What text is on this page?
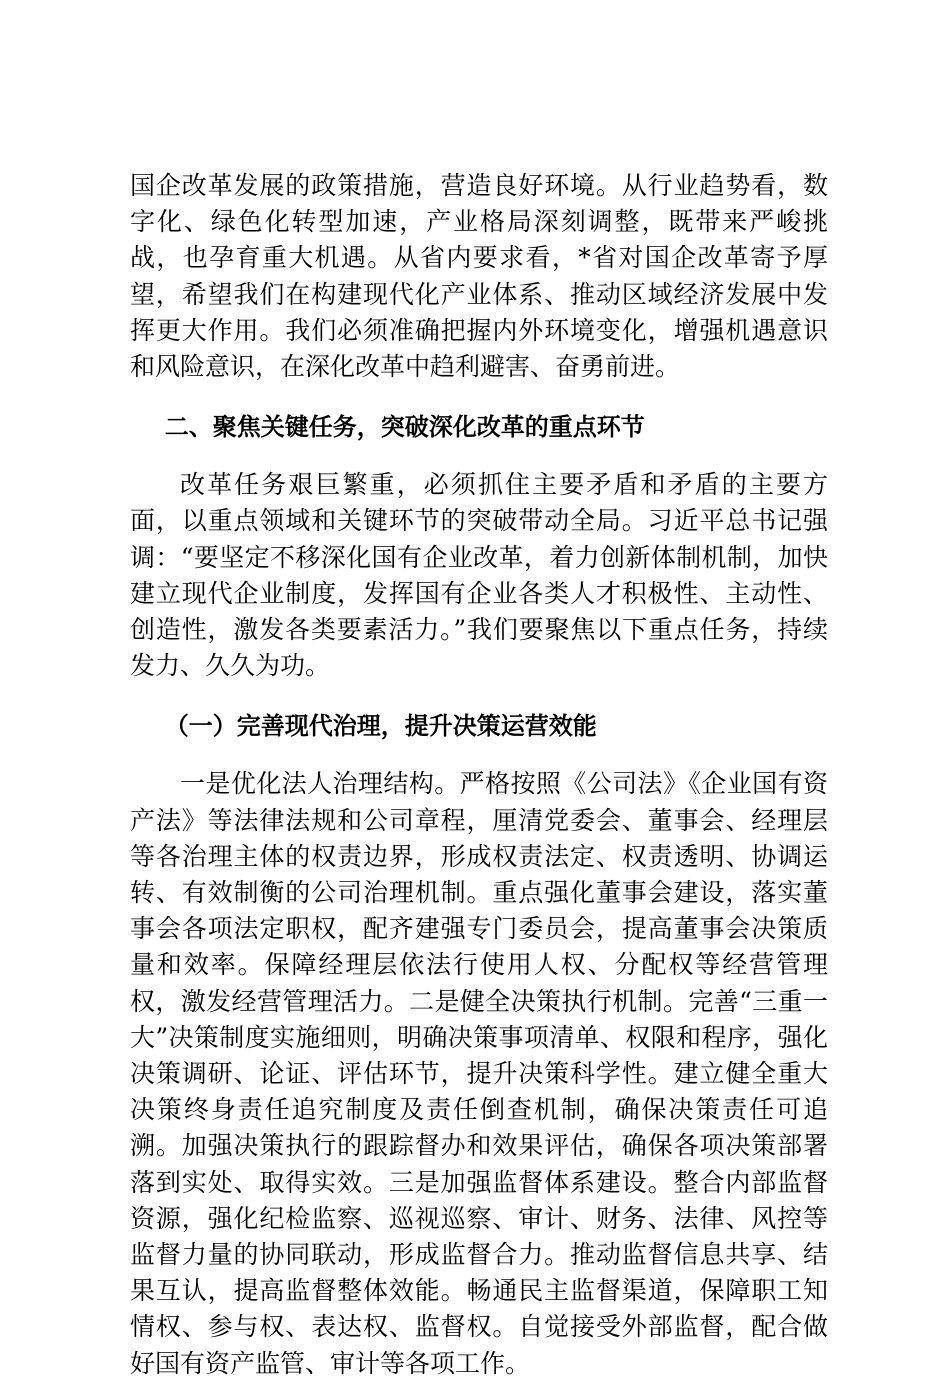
国企改革发展的政策措施，营造良好环境。从行业趋势看，数字化、绿色化转型加速，产业格局深刻调整，既带来严峻挑战，也孕育重大机遇。从省内要求看，*省对国企改革寄予厚望，希望我们在构建现代化产业体系、推动区域经济发展中发挥更大作用。我们必须准确把握内外环境变化，增强机遇意识和风险意识，在深化改革中趋利避害、奋勇前进。

二、聚焦关键任务，突破深化改革的重点环节

改革任务艰巨繁重，必须抓住主要矛盾和矛盾的主要方面，以重点领域和关键环节的突破带动全局。习近平总书记强调：“要坚定不移深化国有企业改革，着力创新体制机制，加快建立现代企业制度，发挥国有企业各类人才积极性、主动性、创造性，激发各类要素活力。”我们要聚焦以下重点任务，持续发力、久久为功。

（一）完善现代治理，提升决策运营效能

一是优化法人治理结构。严格按照《公司法》《企业国有资产法》等法律法规和公司章程，厘清党委会、董事会、经理层等各治理主体的权责边界，形成权责法定、权责透明、协调运转、有效制衡的公司治理机制。重点强化董事会建设，落实董事会各项法定职权，配齐建强专门委员会，提高董事会决策质量和效率。保障经理层依法行使用人权、分配权等经营管理权，激发经营管理活力。二是健全决策执行机制。完善“三重一大”决策制度实施细则，明确决策事项清单、权限和程序，强化决策调研、论证、评估环节，提升决策科学性。建立健全重大决策终身责任追究制度及责任倒查机制，确保决策责任可追溯。加强决策执行的跟踪督办和效果评估，确保各项决策部署落到实处、取得实效。三是加强监督体系建设。整合内部监督资源，强化纪检监察、巡视巡察、审计、财务、法律、风控等监督力量的协同联动，形成监督合力。推动监督信息共享、结果互认，提高监督整体效能。畅通民主监督渠道，保障职工知情权、参与权、表达权、监督权。自觉接受外部监督，配合做好国有资产监管、审计等各项工作。
